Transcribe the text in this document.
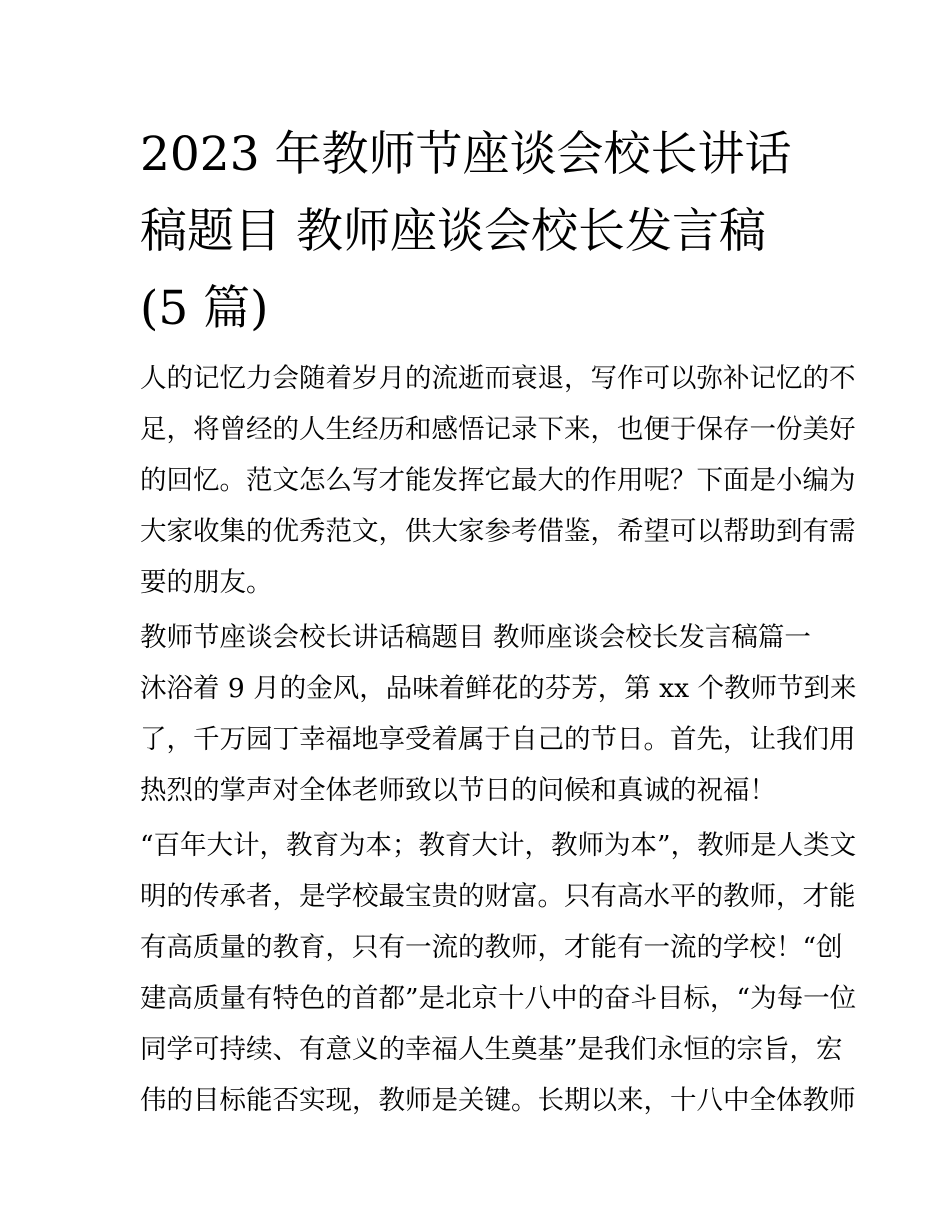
2023 年教师节座谈会校长讲话
稿题目 教师座谈会校长发言稿
(5 篇)
人的记忆力会随着岁月的流逝而衰退，写作可以弥补记忆的不
足，将曾经的人生经历和感悟记录下来，也便于保存一份美好
的回忆。范文怎么写才能发挥它最大的作用呢？下面是小编为
大家收集的优秀范文，供大家参考借鉴，希望可以帮助到有需
要的朋友。
教师节座谈会校长讲话稿题目 教师座谈会校长发言稿篇一
沐浴着 9 月的金风，品味着鲜花的芬芳，第 xx 个教师节到来
了，千万园丁幸福地享受着属于自己的节日。首先，让我们用
热烈的掌声对全体老师致以节日的问候和真诚的祝福！
“百年大计，教育为本；教育大计，教师为本”，教师是人类文
明的传承者，是学校最宝贵的财富。只有高水平的教师，才能
有高质量的教育，只有一流的教师，才能有一流的学校！“创
建高质量有特色的首都”是北京十八中的奋斗目标，“为每一位
同学可持续、有意义的幸福人生奠基”是我们永恒的宗旨，宏
伟的目标能否实现，教师是关键。长期以来，十八中全体教师
